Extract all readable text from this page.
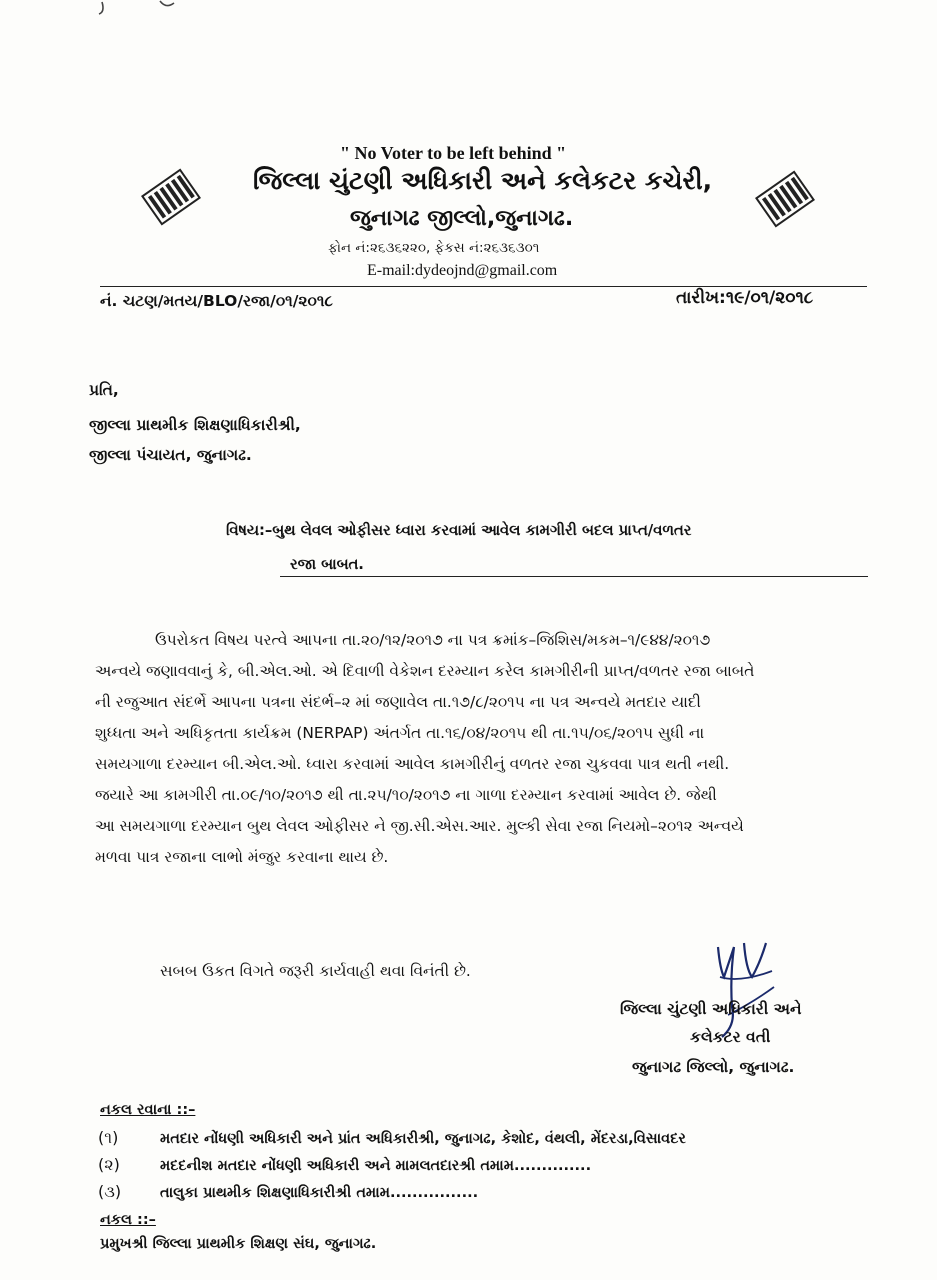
" No Voter to be left behind "
જિલ્લા ચુંટણી અધિકારી અને કલેકટર કચેરી,
જુનાગઢ જીલ્લો,જુનાગઢ.
ફોન નં:૨૬૩૬૨૨૦, ફેકસ નં:૨૬૩૬૩૦૧
E-mail:dydeojnd@gmail.com
નં. ચટણ/મતય/BLO/રજા/૦૧/૨૦૧૮	તારીખ:૧૯/૦૧/૨૦૧૮
પ્રતિ,
જીલ્લા પ્રાથમીક શિક્ષણાધિકારીશ્રી,
જીલ્લા પંચાયત, જુનાગઢ.
વિષય:–બુથ લેવલ ઓફીસર ધ્વારા કરવામાં આવેલ કામગીરી બદલ પ્રાપ્ત/વળતર
રજા બાબત.

ઉપરોકત વિષય પરત્વે આપના તા.૨૦/૧૨/૨૦૧૭ ના પત્ર ક્રમાંક–જિશિસ/મકમ–૧/૯૪૪/૨૦૧૭

અન્વયે જણાવવાનું કે, બી.એલ.ઓ. એ દિવાળી વેકેશન દરમ્યાન કરેલ કામગીરીની પ્રાપ્ત/વળતર રજા બાબતે

ની રજુઆત સંદર્ભે આપના પત્રના સંદર્ભ–૨ માં જણાવેલ તા.૧૭/૮/૨૦૧૫ ના પત્ર અન્વયે મતદાર યાદી

શુધ્ધતા અને અધિકૃતતા કાર્યક્રમ (NERPAP) અંતર્ગત તા.૧૬/૦૪/૨૦૧૫ થી તા.૧૫/૦૬/૨૦૧૫ સુધી ના

સમયગાળા દરમ્યાન બી.એલ.ઓ. ધ્વારા કરવામાં આવેલ કામગીરીનું વળતર રજા ચુકવવા પાત્ર થતી નથી.

જયારે આ કામગીરી તા.૦૯/૧૦/૨૦૧૭ થી તા.૨૫/૧૦/૨૦૧૭ ના ગાળા દરમ્યાન કરવામાં આવેલ છે. જેથી

આ સમયગાળા દરમ્યાન બુથ લેવલ ઓફીસર ને જી.સી.એસ.આર. મુલ્કી સેવા રજા નિયમો–૨૦૧૨ અન્વયે

મળવા પાત્ર રજાના લાભો મંજુર કરવાના થાય છે.

સબબ ઉકત વિગતે જરૂરી કાર્યવાહી થવા વિનંતી છે.
જિલ્લા ચુંટણી અધિકારી અને
કલેકટર વતી
જુનાગઢ જિલ્લો, જુનાગઢ.
નકલ રવાના ::–
(૧)	મતદાર નોંધણી અધિકારી અને પ્રાંત અધિકારીશ્રી, જુનાગઢ, કેશોદ, વંથલી, મેંદરડા,વિસાવદર
(૨)	મદદનીશ મતદાર નોંધણી અધિકારી અને મામલતદારશ્રી તમામ..............
(૩)	તાલુકા પ્રાથમીક શિક્ષણાધિકારીશ્રી તમામ................
નકલ ::–
પ્રમુખશ્રી જિલ્લા પ્રાથમીક શિક્ષણ સંઘ, જુનાગઢ.
